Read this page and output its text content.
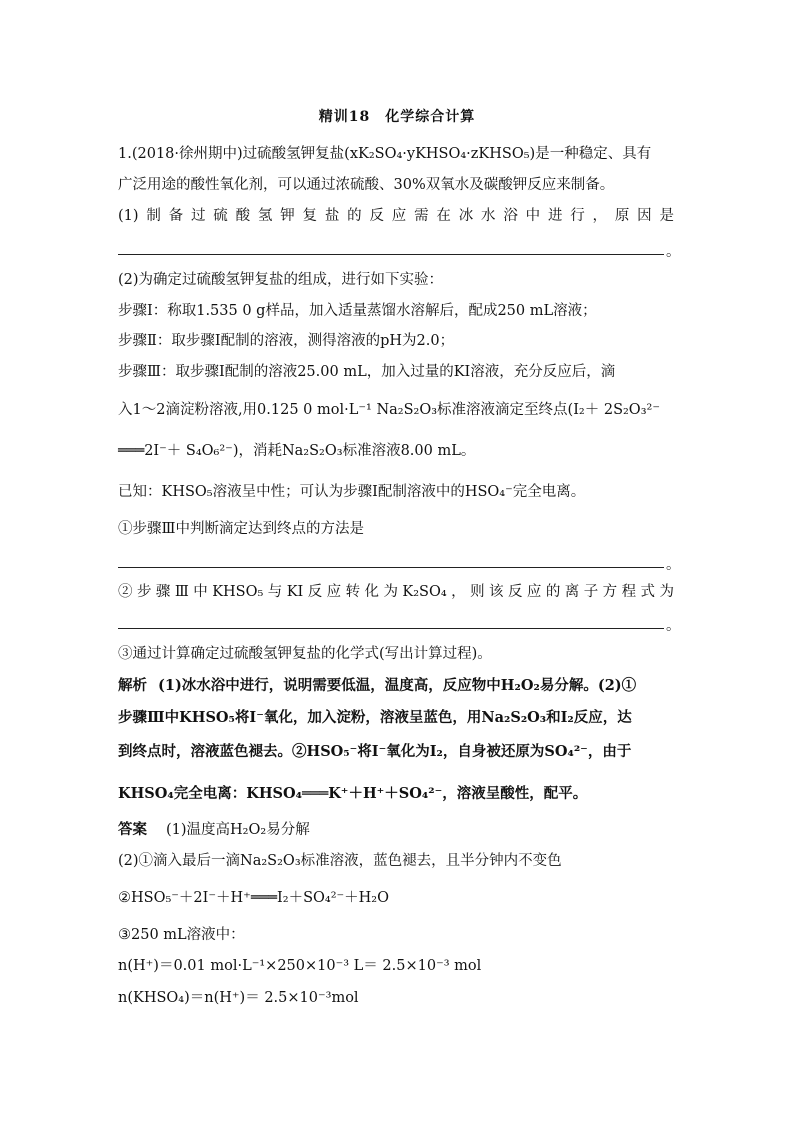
精训18　化学综合计算
1.(2018·徐州期中)过硫酸氢钾复盐(xK₂SO₄·yKHSO₄·zKHSO₅)是一种稳定、具有
广泛用途的酸性氧化剂，可以通过浓硫酸、30%双氧水及碳酸钾反应来制备。
(1)制备过硫酸氢钾复盐的反应需在冰水浴中进行，原因是
。
(2)为确定过硫酸氢钾复盐的组成，进行如下实验：
步骤Ⅰ：称取1.535 0 g样品，加入适量蒸馏水溶解后，配成250 mL溶液；
步骤Ⅱ：取步骤Ⅰ配制的溶液，测得溶液的pH为2.0；
步骤Ⅲ：取步骤Ⅰ配制的溶液25.00 mL，加入过量的KI溶液，充分反应后，滴
入1～2滴淀粉溶液,用0.125 0 mol·L⁻¹ Na₂S₂O₃标准溶液滴定至终点(I₂＋ 2S₂O₃²⁻
═══2I⁻＋ S₄O₆²⁻)，消耗Na₂S₂O₃标准溶液8.00 mL。
已知：KHSO₅溶液呈中性；可认为步骤Ⅰ配制溶液中的HSO₄⁻完全电离。
①步骤Ⅲ中判断滴定达到终点的方法是
。
②步骤Ⅲ中KHSO₅与KI反应转化为K₂SO₄，则该反应的离子方程式为
。
③通过计算确定过硫酸氢钾复盐的化学式(写出计算过程)。
解析 (1)冰水浴中进行，说明需要低温，温度高，反应物中H₂O₂易分解。(2)①
步骤Ⅲ中KHSO₅将I⁻氧化，加入淀粉，溶液呈蓝色，用Na₂S₂O₃和I₂反应，达
到终点时，溶液蓝色褪去。②HSO₅⁻将I⁻氧化为I₂，自身被还原为SO₄²⁻，由于
KHSO₄完全电离：KHSO₄═══K⁺＋H⁺＋SO₄²⁻，溶液呈酸性，配平。
答案	(1)温度高H₂O₂易分解
(2)①滴入最后一滴Na₂S₂O₃标准溶液，蓝色褪去，且半分钟内不变色
②HSO₅⁻＋2I⁻＋H⁺═══I₂＋SO₄²⁻＋H₂O
③250 mL溶液中：
n(H⁺)＝0.01 mol·L⁻¹×250×10⁻³ L＝ 2.5×10⁻³ mol
n(KHSO₄)＝n(H⁺)＝ 2.5×10⁻³mol
